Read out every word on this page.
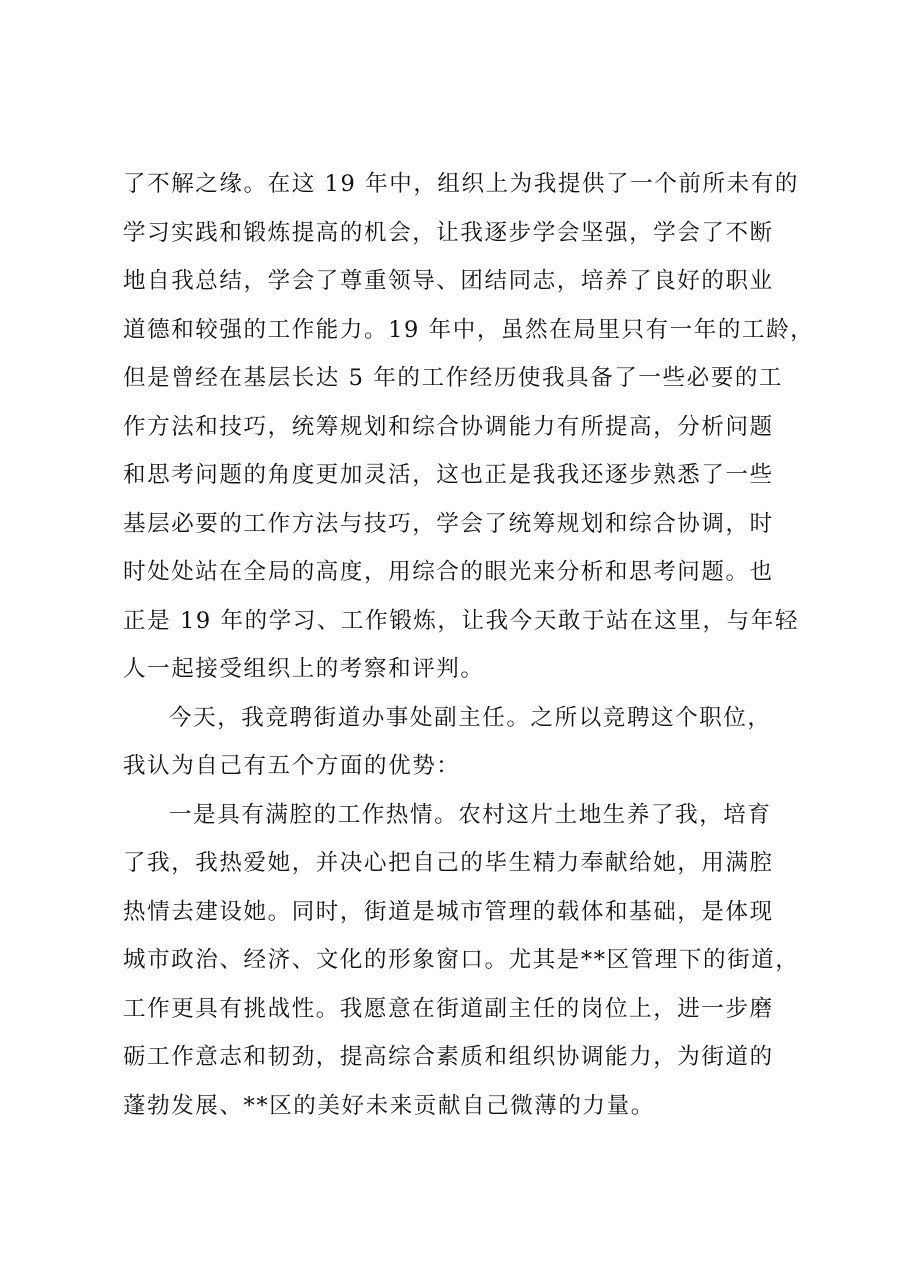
了不解之缘。在这 19 年中，组织上为我提供了一个前所未有的
学习实践和锻炼提高的机会，让我逐步学会坚强，学会了不断
地自我总结，学会了尊重领导、团结同志，培养了良好的职业
道德和较强的工作能力。19 年中，虽然在局里只有一年的工龄，
但是曾经在基层长达 5 年的工作经历使我具备了一些必要的工
作方法和技巧，统筹规划和综合协调能力有所提高，分析问题
和思考问题的角度更加灵活，这也正是我我还逐步熟悉了一些
基层必要的工作方法与技巧，学会了统筹规划和综合协调，时
时处处站在全局的高度，用综合的眼光来分析和思考问题。也
正是 19 年的学习、工作锻炼，让我今天敢于站在这里，与年轻
人一起接受组织上的考察和评判。
今天，我竞聘街道办事处副主任。之所以竞聘这个职位，
我认为自己有五个方面的优势：
一是具有满腔的工作热情。农村这片土地生养了我，培育
了我，我热爱她，并决心把自己的毕生精力奉献给她，用满腔
热情去建设她。同时，街道是城市管理的载体和基础，是体现
城市政治、经济、文化的形象窗口。尤其是**区管理下的街道，
工作更具有挑战性。我愿意在街道副主任的岗位上，进一步磨
砺工作意志和韧劲，提高综合素质和组织协调能力，为街道的
蓬勃发展、**区的美好未来贡献自己微薄的力量。
